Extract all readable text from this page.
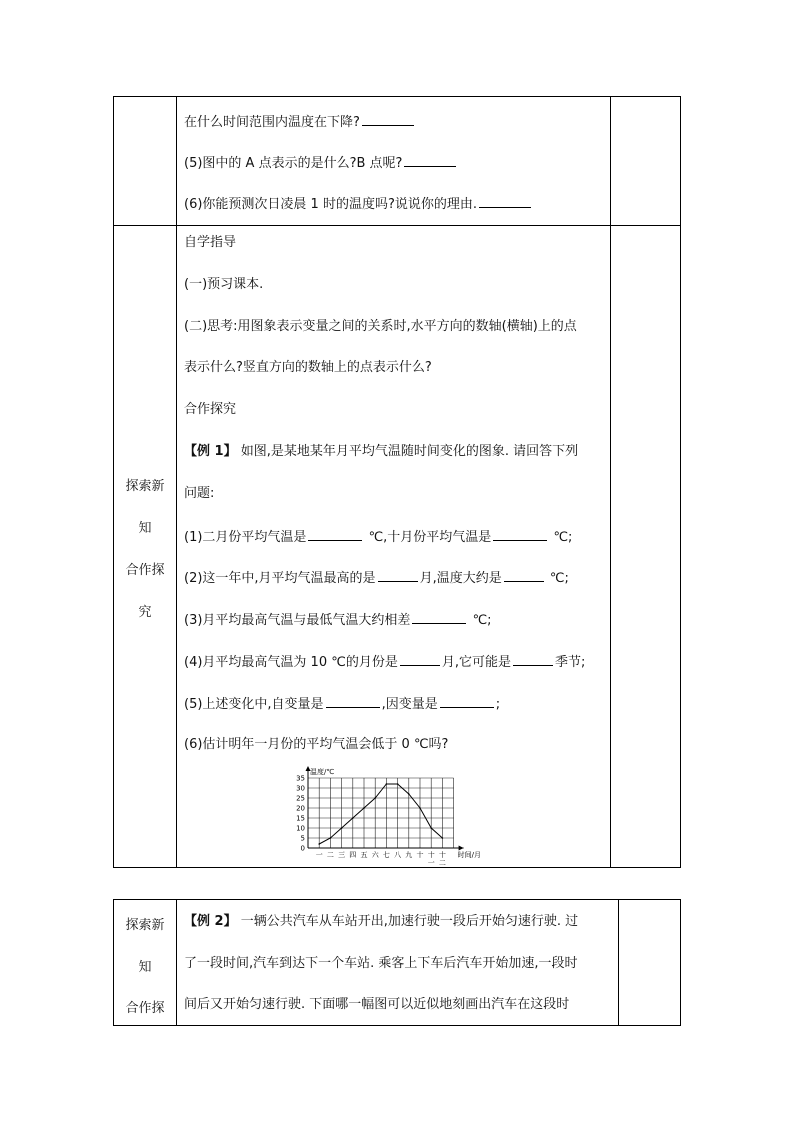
在什么时间范围内温度在下降?
(5)图中的 A 点表示的是什么?B 点呢?
(6)你能预测次日凌晨 1 时的温度吗?说说你的理由.
探索新
知
合作探
究
自学指导
(一)预习课本.
(二)思考:用图象表示变量之间的关系时,水平方向的数轴(横轴)上的点
表示什么?竖直方向的数轴上的点表示什么?
合作探究
【例 1】 如图,是某地某年月平均气温随时间变化的图象. 请回答下列
问题:
(1)二月份平均气温是	℃,十月份平均气温是	℃;
(2)这一年中,月平均气温最高的是	月,温度大约是	℃;
(3)月平均最高气温与最低气温大约相差	℃;
(4)月平均最高气温为 10 ℃的月份是	月,它可能是	季节;
(5)上述变化中,自变量是	,因变量是	;
(6)估计明年一月份的平均气温会低于 0 ℃吗?
0
5
10
15
20
25
30
35
一 二 三 四 五 六 七 八 九 十 十
一
十
二
温度/℃
时间/月
探索新
知
合作探
【例 2】 一辆公共汽车从车站开出,加速行驶一段后开始匀速行驶. 过
了一段时间,汽车到达下一个车站. 乘客上下车后汽车开始加速,一段时
间后又开始匀速行驶. 下面哪一幅图可以近似地刻画出汽车在这段时
